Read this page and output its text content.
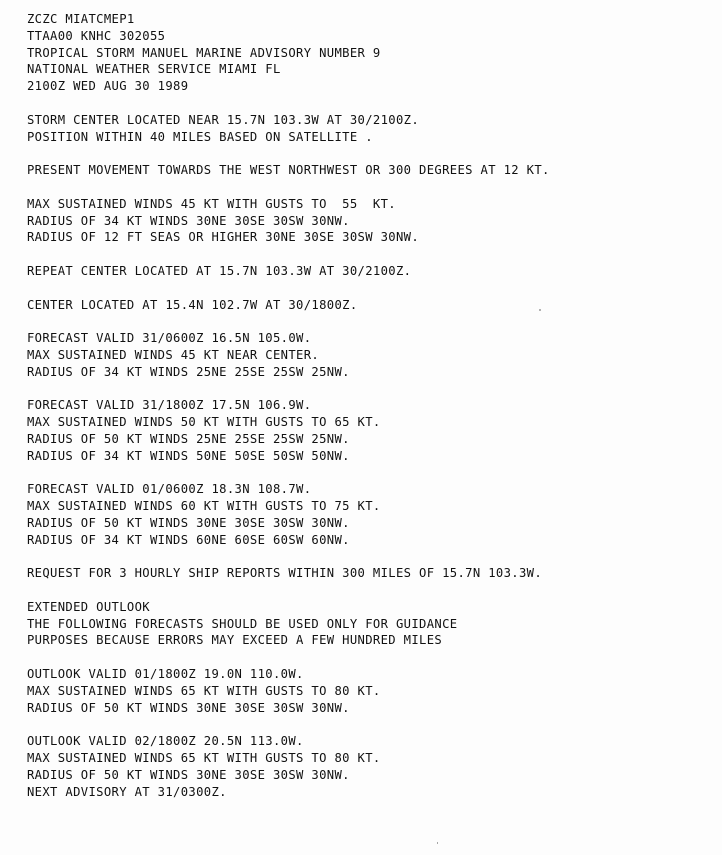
ZCZC MIATCMEP1
TTAA00 KNHC 302055
TROPICAL STORM MANUEL MARINE ADVISORY NUMBER 9
NATIONAL WEATHER SERVICE MIAMI FL
2100Z WED AUG 30 1989
STORM CENTER LOCATED NEAR 15.7N 103.3W AT 30/2100Z.
POSITION WITHIN 40 MILES BASED ON SATELLITE .
PRESENT MOVEMENT TOWARDS THE WEST NORTHWEST OR 300 DEGREES AT 12 KT.
MAX SUSTAINED WINDS 45 KT WITH GUSTS TO  55  KT.
RADIUS OF 34 KT WINDS 30NE 30SE 30SW 30NW.
RADIUS OF 12 FT SEAS OR HIGHER 30NE 30SE 30SW 30NW.
REPEAT CENTER LOCATED AT 15.7N 103.3W AT 30/2100Z.
CENTER LOCATED AT 15.4N 102.7W AT 30/1800Z.
FORECAST VALID 31/0600Z 16.5N 105.0W.
MAX SUSTAINED WINDS 45 KT NEAR CENTER.
RADIUS OF 34 KT WINDS 25NE 25SE 25SW 25NW.
FORECAST VALID 31/1800Z 17.5N 106.9W.
MAX SUSTAINED WINDS 50 KT WITH GUSTS TO 65 KT.
RADIUS OF 50 KT WINDS 25NE 25SE 25SW 25NW.
RADIUS OF 34 KT WINDS 50NE 50SE 50SW 50NW.
FORECAST VALID 01/0600Z 18.3N 108.7W.
MAX SUSTAINED WINDS 60 KT WITH GUSTS TO 75 KT.
RADIUS OF 50 KT WINDS 30NE 30SE 30SW 30NW.
RADIUS OF 34 KT WINDS 60NE 60SE 60SW 60NW.
REQUEST FOR 3 HOURLY SHIP REPORTS WITHIN 300 MILES OF 15.7N 103.3W.
EXTENDED OUTLOOK
THE FOLLOWING FORECASTS SHOULD BE USED ONLY FOR GUIDANCE
PURPOSES BECAUSE ERRORS MAY EXCEED A FEW HUNDRED MILES
OUTLOOK VALID 01/1800Z 19.0N 110.0W.
MAX SUSTAINED WINDS 65 KT WITH GUSTS TO 80 KT.
RADIUS OF 50 KT WINDS 30NE 30SE 30SW 30NW.
OUTLOOK VALID 02/1800Z 20.5N 113.0W.
MAX SUSTAINED WINDS 65 KT WITH GUSTS TO 80 KT.
RADIUS OF 50 KT WINDS 30NE 30SE 30SW 30NW.
NEXT ADVISORY AT 31/0300Z.
